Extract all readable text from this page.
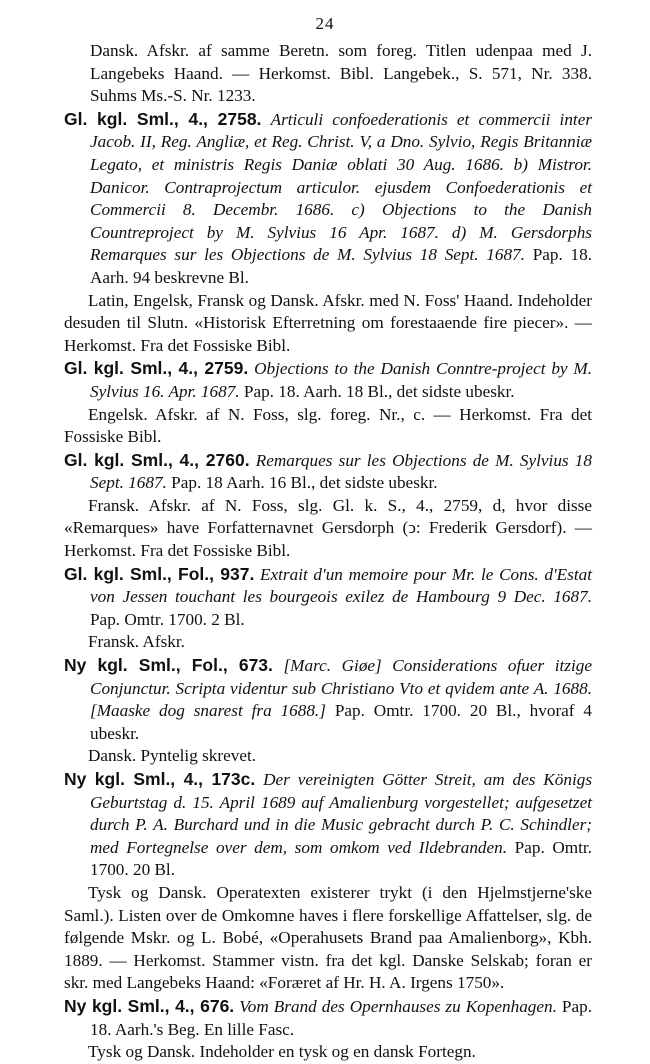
24

Dansk. Afskr. af samme Beretn. som foreg. Titlen udenpaa med J. Langebeks Haand. — Herkomst. Bibl. Langebek., S. 571, Nr. 338. Suhms Ms.-S. Nr. 1233.

Gl. kgl. Sml., 4., 2758. Articuli confoederationis et commercii inter Jacob. II, Reg. Angliæ, et Reg. Christ. V, a Dno. Sylvio, Regis Britanniæ Legato, et ministris Regis Daniæ oblati 30 Aug. 1686. b) Mistror. Danicor. Contraprojectum articulor. ejusdem Confoederationis et Commercii 8. Decembr. 1686. c) Objections to the Danish Countreproject by M. Sylvius 16 Apr. 1687. d) M. Gersdorphs Remarques sur les Objections de M. Sylvius 18 Sept. 1687. Pap. 18. Aarh. 94 beskrevne Bl.

Latin, Engelsk, Fransk og Dansk. Afskr. med N. Foss' Haand. Indeholder desuden til Slutn. «Historisk Efterretning om forestaaende fire piecer». — Herkomst. Fra det Fossiske Bibl.

Gl. kgl. Sml., 4., 2759. Objections to the Danish Conntre-project by M. Sylvius 16. Apr. 1687. Pap. 18. Aarh. 18 Bl., det sidste ubeskr.

Engelsk. Afskr. af N. Foss, slg. foreg. Nr., c. — Herkomst. Fra det Fossiske Bibl.

Gl. kgl. Sml., 4., 2760. Remarques sur les Objections de M. Sylvius 18 Sept. 1687. Pap. 18 Aarh. 16 Bl., det sidste ubeskr.

Fransk. Afskr. af N. Foss, slg. Gl. k. S., 4., 2759, d, hvor disse «Remarques» have Forfatternavnet Gersdorph (ↄ: Frederik Gersdorf). — Herkomst. Fra det Fossiske Bibl.

Gl. kgl. Sml., Fol., 937. Extrait d'un memoire pour Mr. le Cons. d'Estat von Jessen touchant les bourgeois exilez de Hambourg 9 Dec. 1687. Pap. Omtr. 1700. 2 Bl.

Fransk. Afskr.

Ny kgl. Sml., Fol., 673. [Marc. Giøe] Considerations ofuer itzige Conjunctur. Scripta videntur sub Christiano Vto et qvidem ante A. 1688. [Maaske dog snarest fra 1688.] Pap. Omtr. 1700. 20 Bl., hvoraf 4 ubeskr.

Dansk. Pyntelig skrevet.

Ny kgl. Sml., 4., 173c. Der vereinigten Götter Streit, am des Königs Geburtstag d. 15. April 1689 auf Amalienburg vorgestellet; aufgesetzet durch P. A. Burchard und in die Music gebracht durch P. C. Schindler; med Fortegnelse over dem, som omkom ved Ildebranden. Pap. Omtr. 1700. 20 Bl.

Tysk og Dansk. Operatexten existerer trykt (i den Hjelmstjerne'ske Saml.). Listen over de Omkomne haves i flere forskellige Affattelser, slg. de følgende Mskr. og L. Bobé, «Operahusets Brand paa Amalienborg», Kbh. 1889. — Herkomst. Stammer vistn. fra det kgl. Danske Selskab; foran er skr. med Langebeks Haand: «Foræret af Hr. H. A. Irgens 1750».

Ny kgl. Sml., 4., 676. Vom Brand des Opernhauses zu Kopenhagen. Pap. 18. Aarh.'s Beg. En lille Fasc.

Tysk og Dansk. Indeholder en tysk og en dansk Fortegn.
